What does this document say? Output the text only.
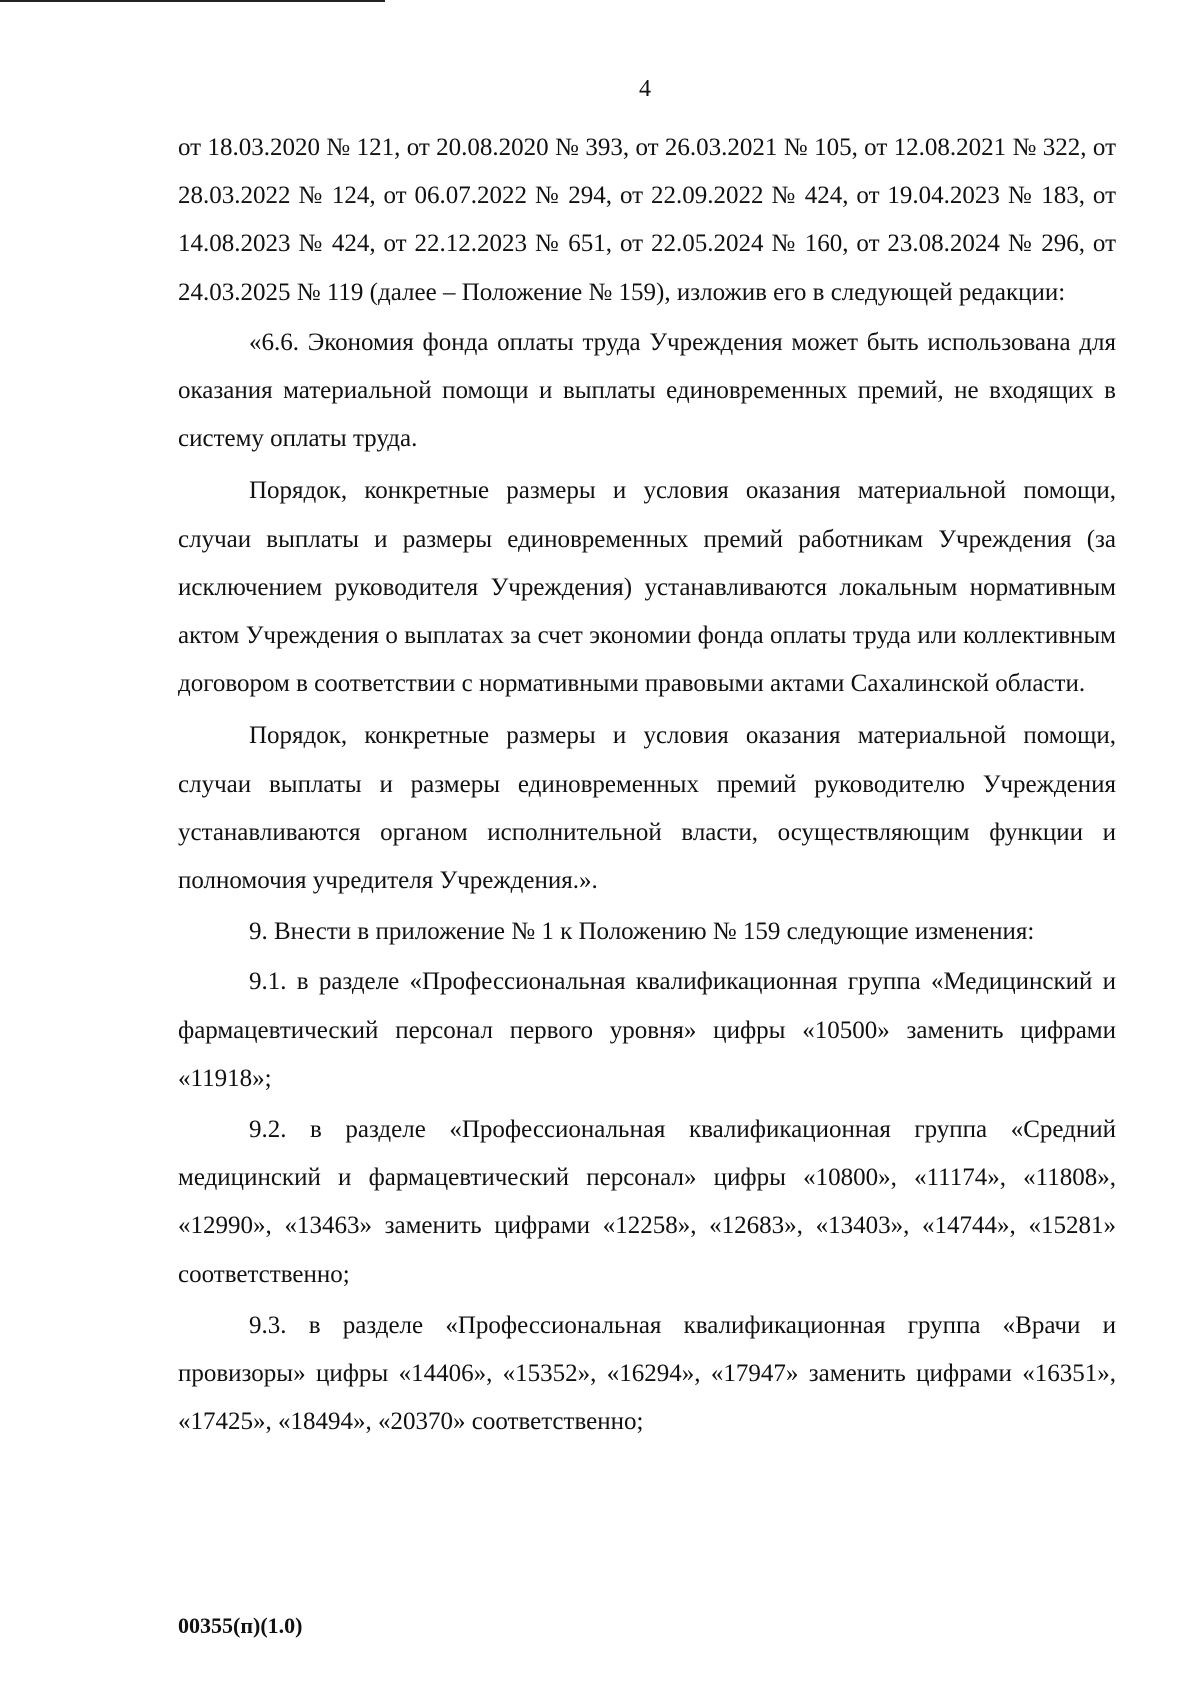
4

от 18.03.2020 № 121, от 20.08.2020 № 393, от 26.03.2021 № 105, от 12.08.2021 № 322, от 28.03.2022 № 124, от 06.07.2022 № 294, от 22.09.2022 № 424, от 19.04.2023 № 183, от 14.08.2023 № 424, от 22.12.2023 № 651, от 22.05.2024 № 160, от 23.08.2024 № 296, от 24.03.2025 № 119 (далее – Положение № 159), изложив его в следующей редакции:

«6.6. Экономия фонда оплаты труда Учреждения может быть использована для оказания материальной помощи и выплаты единовременных премий, не входящих в систему оплаты труда.

Порядок, конкретные размеры и условия оказания материальной помощи, случаи выплаты и размеры единовременных премий работникам Учреждения (за исключением руководителя Учреждения) устанавливаются локальным нормативным актом Учреждения о выплатах за счет экономии фонда оплаты труда или коллективным договором в соответствии с нормативными правовыми актами Сахалинской области.

Порядок, конкретные размеры и условия оказания материальной помощи, случаи выплаты и размеры единовременных премий руководителю Учреждения устанавливаются органом исполнительной власти, осуществляющим функции и полномочия учредителя Учреждения.».

9. Внести в приложение № 1 к Положению № 159 следующие изменения:

9.1. в разделе «Профессиональная квалификационная группа «Медицинский и фармацевтический персонал первого уровня» цифры «10500» заменить цифрами «11918»;

9.2. в разделе «Профессиональная квалификационная группа «Средний медицинский и фармацевтический персонал» цифры «10800», «11174», «11808», «12990», «13463» заменить цифрами «12258», «12683», «13403», «14744», «15281» соответственно;

9.3. в разделе «Профессиональная квалификационная группа «Врачи и провизоры» цифры «14406», «15352», «16294», «17947» заменить цифрами «16351», «17425», «18494», «20370» соответственно;

00355(п)(1.0)
